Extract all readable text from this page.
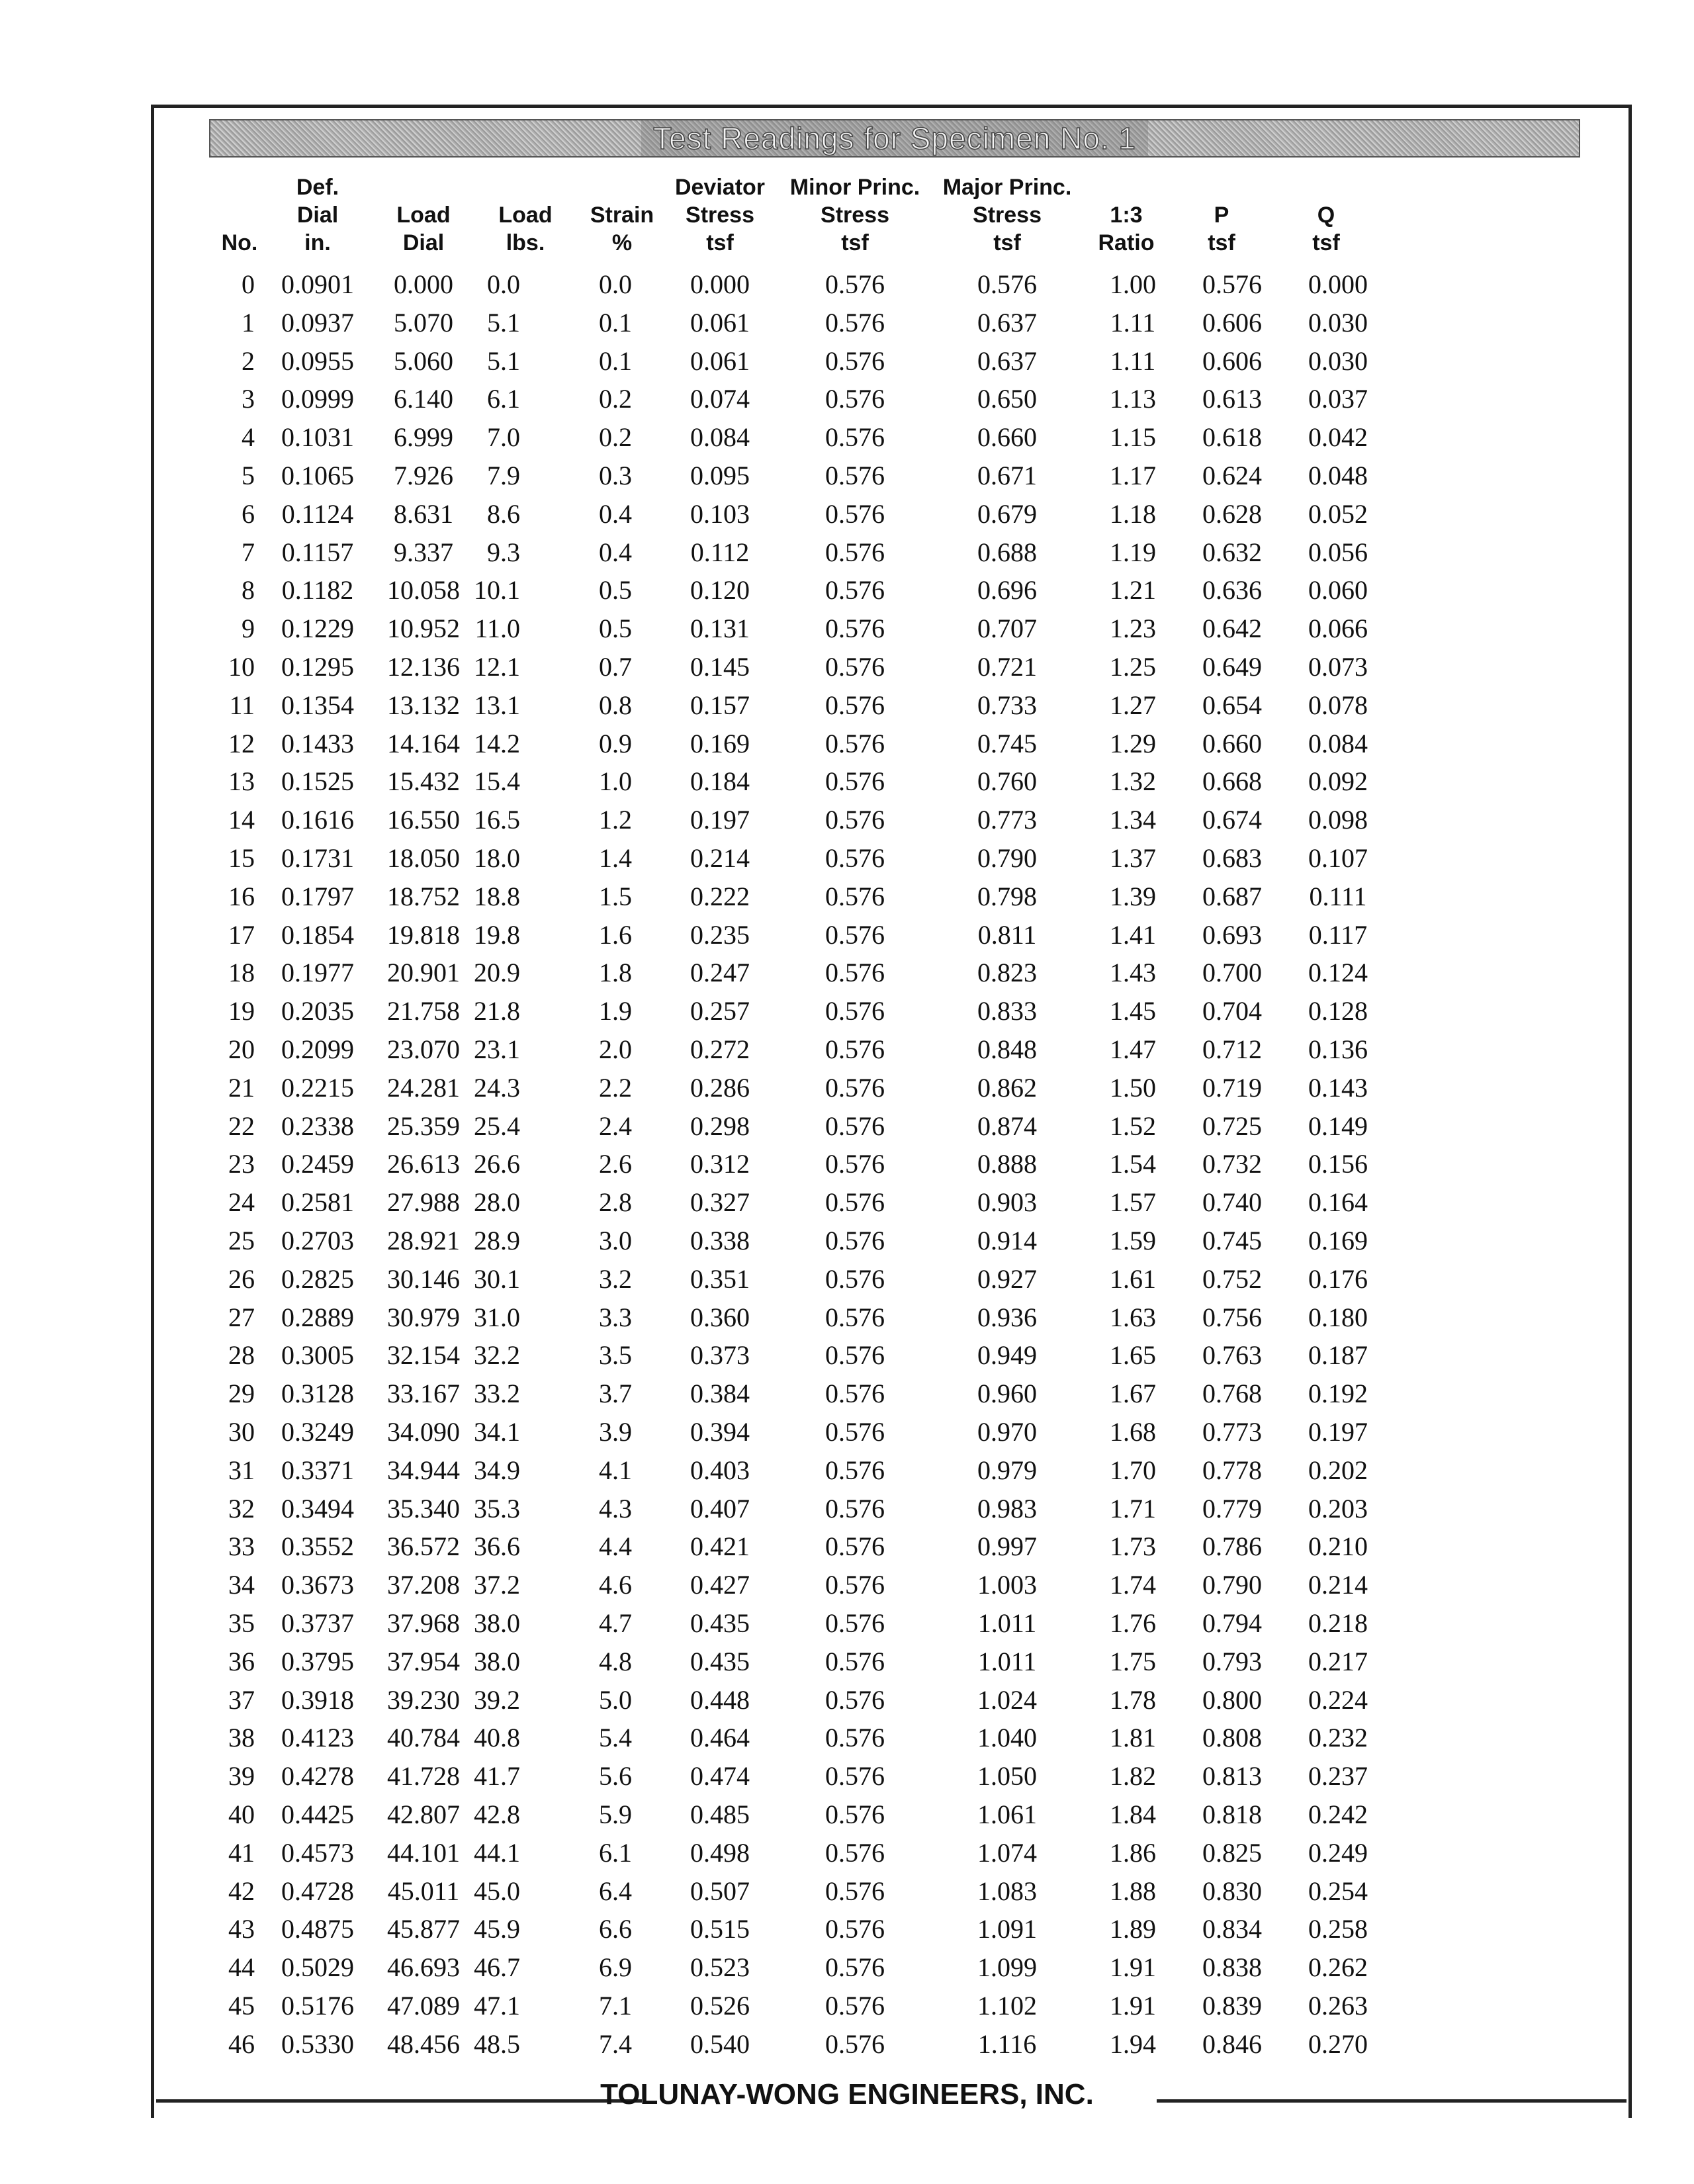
Test Readings for Specimen No. 1

No.
Def.
Dial
in.

Load
Dial

Load
lbs.

Strain
%
Deviator
Stress
tsf
Minor Princ.
Stress
tsf
Major Princ.
Stress
tsf

1:3
Ratio

P
tsf

Q
tsf
0	0.0901	0.000	0.0	0.0	0.000	0.576	0.576	1.00	0.576	0.000
1	0.0937	5.070	5.1	0.1	0.061	0.576	0.637	1.11	0.606	0.030
2	0.0955	5.060	5.1	0.1	0.061	0.576	0.637	1.11	0.606	0.030
3	0.0999	6.140	6.1	0.2	0.074	0.576	0.650	1.13	0.613	0.037
4	0.1031	6.999	7.0	0.2	0.084	0.576	0.660	1.15	0.618	0.042
5	0.1065	7.926	7.9	0.3	0.095	0.576	0.671	1.17	0.624	0.048
6	0.1124	8.631	8.6	0.4	0.103	0.576	0.679	1.18	0.628	0.052
7	0.1157	9.337	9.3	0.4	0.112	0.576	0.688	1.19	0.632	0.056
8	0.1182	10.058 10.1	0.5	0.120	0.576	0.696	1.21	0.636	0.060
9	0.1229	10.952 11.0	0.5	0.131	0.576	0.707	1.23	0.642	0.066
10	0.1295	12.136 12.1	0.7	0.145	0.576	0.721	1.25	0.649	0.073
11	0.1354	13.132 13.1	0.8	0.157	0.576	0.733	1.27	0.654	0.078
12	0.1433	14.164 14.2	0.9	0.169	0.576	0.745	1.29	0.660	0.084
13	0.1525	15.432 15.4	1.0	0.184	0.576	0.760	1.32	0.668	0.092
14	0.1616	16.550 16.5	1.2	0.197	0.576	0.773	1.34	0.674	0.098
15	0.1731	18.050 18.0	1.4	0.214	0.576	0.790	1.37	0.683	0.107
16	0.1797	18.752 18.8	1.5	0.222	0.576	0.798	1.39	0.687	0.111
17	0.1854	19.818 19.8	1.6	0.235	0.576	0.811	1.41	0.693	0.117
18	0.1977	20.901 20.9	1.8	0.247	0.576	0.823	1.43	0.700	0.124
19	0.2035	21.758 21.8	1.9	0.257	0.576	0.833	1.45	0.704	0.128
20	0.2099	23.070 23.1	2.0	0.272	0.576	0.848	1.47	0.712	0.136
21	0.2215	24.281 24.3	2.2	0.286	0.576	0.862	1.50	0.719	0.143
22	0.2338	25.359 25.4	2.4	0.298	0.576	0.874	1.52	0.725	0.149
23	0.2459	26.613 26.6	2.6	0.312	0.576	0.888	1.54	0.732	0.156
24	0.2581	27.988 28.0	2.8	0.327	0.576	0.903	1.57	0.740	0.164
25	0.2703	28.921 28.9	3.0	0.338	0.576	0.914	1.59	0.745	0.169
26	0.2825	30.146 30.1	3.2	0.351	0.576	0.927	1.61	0.752	0.176
27	0.2889	30.979 31.0	3.3	0.360	0.576	0.936	1.63	0.756	0.180
28	0.3005	32.154 32.2	3.5	0.373	0.576	0.949	1.65	0.763	0.187
29	0.3128	33.167 33.2	3.7	0.384	0.576	0.960	1.67	0.768	0.192
30	0.3249	34.090 34.1	3.9	0.394	0.576	0.970	1.68	0.773	0.197
31	0.3371	34.944 34.9	4.1	0.403	0.576	0.979	1.70	0.778	0.202
32	0.3494	35.340 35.3	4.3	0.407	0.576	0.983	1.71	0.779	0.203
33	0.3552	36.572 36.6	4.4	0.421	0.576	0.997	1.73	0.786	0.210
34	0.3673	37.208 37.2	4.6	0.427	0.576	1.003	1.74	0.790	0.214
35	0.3737	37.968 38.0	4.7	0.435	0.576	1.011	1.76	0.794	0.218
36	0.3795	37.954 38.0	4.8	0.435	0.576	1.011	1.75	0.793	0.217
37	0.3918	39.230 39.2	5.0	0.448	0.576	1.024	1.78	0.800	0.224
38	0.4123	40.784 40.8	5.4	0.464	0.576	1.040	1.81	0.808	0.232
39	0.4278	41.728 41.7	5.6	0.474	0.576	1.050	1.82	0.813	0.237
40	0.4425	42.807 42.8	5.9	0.485	0.576	1.061	1.84	0.818	0.242
41	0.4573	44.101 44.1	6.1	0.498	0.576	1.074	1.86	0.825	0.249
42	0.4728	45.011 45.0	6.4	0.507	0.576	1.083	1.88	0.830	0.254
43	0.4875	45.877 45.9	6.6	0.515	0.576	1.091	1.89	0.834	0.258
44	0.5029	46.693 46.7	6.9	0.523	0.576	1.099	1.91	0.838	0.262
45	0.5176	47.089 47.1	7.1	0.526	0.576	1.102	1.91	0.839	0.263
46	0.5330	48.456 48.5	7.4	0.540	0.576	1.116	1.94	0.846	0.270
TOLUNAY-WONG ENGINEERS, INC.
